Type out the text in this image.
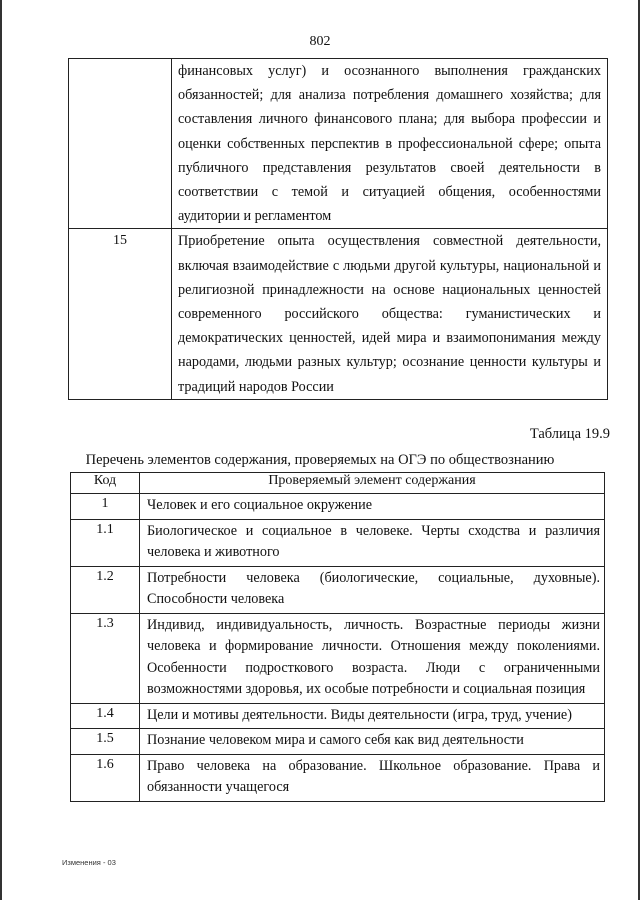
802
	финансовых услуг) и осознанного выполнения гражданских обязанностей; для анализа потребления домашнего хозяйства; для составления личного финансового плана; для выбора профессии и оценки собственных перспектив в профессиональной сфере; опыта публичного представления результатов своей деятельности в соответствии с темой и ситуацией общения, особенностями аудитории и регламентом
15	Приобретение опыта осуществления совместной деятельности, включая взаимодействие с людьми другой культуры, национальной и религиозной принадлежности на основе национальных ценностей современного российского общества: гуманистических и демократических ценностей, идей мира и взаимопонимания между народами, людьми разных культур; осознание ценности культуры и традиций народов России
Таблица 19.9
Перечень элементов содержания, проверяемых на ОГЭ по обществознанию
Код	Проверяемый элемент содержания
1	Человек и его социальное окружение
1.1	Биологическое и социальное в человеке. Черты сходства и различия человека и животного
1.2	Потребности человека (биологические, социальные, духовные). Способности человека
1.3	Индивид, индивидуальность, личность. Возрастные периоды жизни человека и формирование личности. Отношения между поколениями. Особенности подросткового возраста. Люди с ограниченными возможностями здоровья, их особые потребности и социальная позиция
1.4	Цели и мотивы деятельности. Виды деятельности (игра, труд, учение)
1.5	Познание человеком мира и самого себя как вид деятельности
1.6	Право человека на образование. Школьное образование. Права и обязанности учащегося
Изменения - 03
